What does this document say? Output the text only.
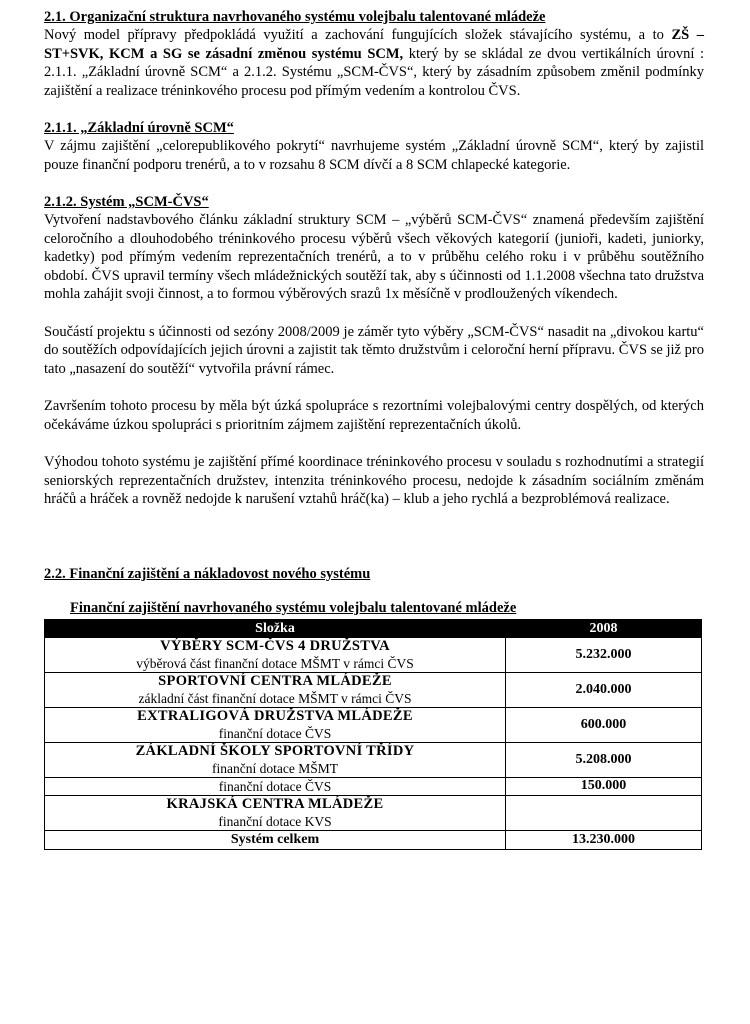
2.1. Organizační struktura navrhovaného systému volejbalu talentované mládeže

Nový model přípravy předpokládá využití a zachování fungujících složek stávajícího systému, a to ZŠ –ST+SVK, KCM a SG se zásadní změnou systému SCM, který by se skládal ze dvou vertikálních úrovní : 2.1.1. „Základní úrovně SCM“ a 2.1.2. Systému „SCM-ČVS“, který by zásadním způsobem změnil podmínky zajištění a realizace tréninkového procesu pod přímým vedením a kontrolou ČVS.

2.1.1. „Základní úrovně SCM“

V zájmu zajištění „celorepublikového pokrytí“ navrhujeme systém „Základní úrovně SCM“, který by zajistil pouze finanční podporu trenérů, a to v rozsahu 8 SCM dívčí a 8 SCM chlapecké kategorie.

2.1.2. Systém „SCM-ČVS“

Vytvoření nadstavbového článku základní struktury SCM – „výběrů SCM-ČVS“ znamená především zajištění celoročního a dlouhodobého tréninkového procesu výběrů všech věkových kategorií (junioři, kadeti, juniorky, kadetky) pod přímým vedením reprezentačních trenérů, a to v průběhu celého roku i v průběhu soutěžního období. ČVS upravil termíny všech mládežnických soutěží tak, aby s účinnosti od 1.1.2008 všechna tato družstva mohla zahájit svoji činnost, a to formou výběrových srazů 1x měsíčně v prodloužených víkendech.

Součástí projektu s účinnosti od sezóny 2008/2009 je záměr tyto výběry „SCM-ČVS“ nasadit na „divokou kartu“ do soutěžích odpovídajících jejich úrovni a zajistit tak těmto družstvům i celoroční herní přípravu. ČVS se již pro tato „nasazení do soutěží“ vytvořila právní rámec.

Završením tohoto procesu by měla být úzká spolupráce s rezortními volejbalovými centry dospělých, od kterých očekáváme úzkou spolupráci s prioritním zájmem zajištění reprezentačních úkolů.

Výhodou tohoto systému je zajištění přímé koordinace tréninkového procesu v souladu s rozhodnutími a strategií seniorských reprezentačních družstev, intenzita tréninkového procesu, nedojde k zásadním sociálním změnám hráčů a hráček a rovněž nedojde k narušení vztahů hráč(ka) – klub a jeho rychlá a bezproblémová realizace.

2.2. Finanční zajištění a nákladovost nového systému
Finanční zajištění navrhovaného systému volejbalu talentované mládeže
Složka	2008

VÝBĚRY SCM-ČVS 4 DRUŽSTVA
výběrová část finanční dotace MŠMT v rámci ČVS	5.232.000

SPORTOVNÍ CENTRA MLÁDEŽE
základní část finanční dotace MŠMT v rámci ČVS	2.040.000

EXTRALIGOVÁ DRUŽSTVA MLÁDEŽE
finanční dotace ČVS	600.000

ZÁKLADNÍ ŠKOLY SPORTOVNÍ TŘÍDY
finanční dotace MŠMT	5.208.000

finanční dotace ČVS	150.000

KRAJSKÁ CENTRA MLÁDEŽE
finanční dotace KVS	

Systém celkem	13.230.000
